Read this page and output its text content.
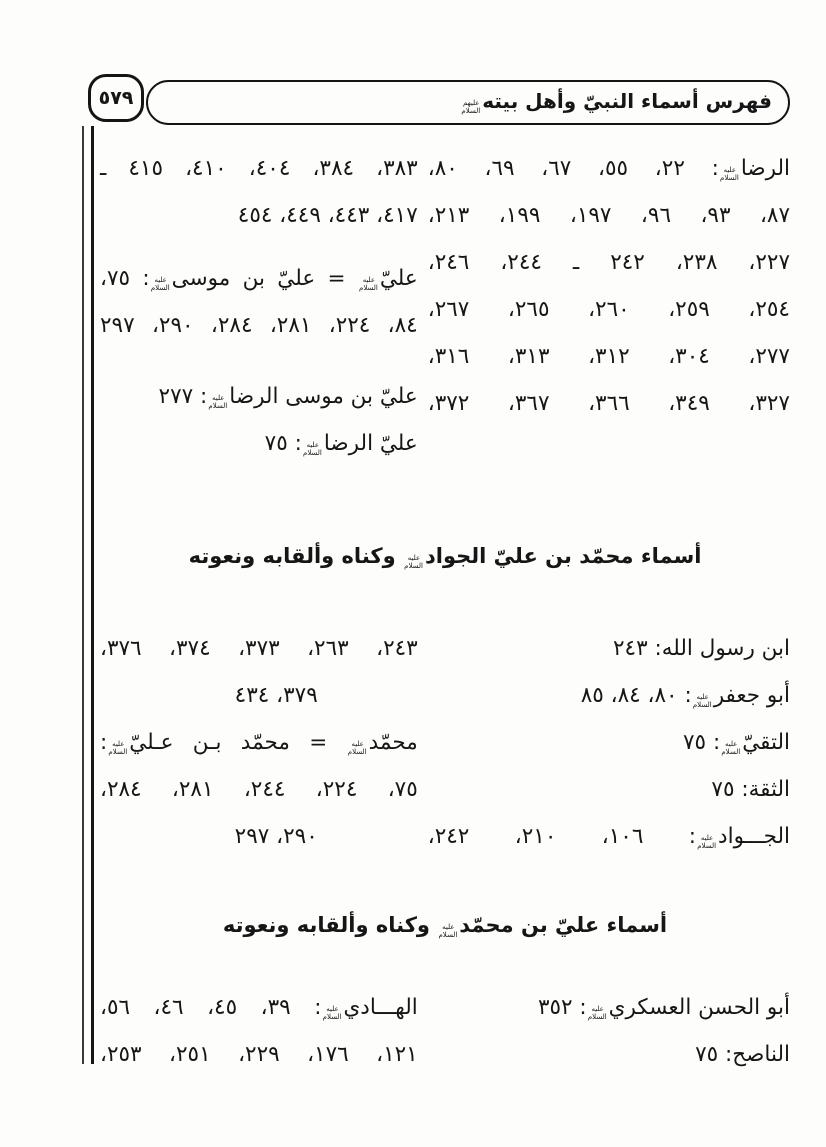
٥٧٩	فهرس أسماء النبيّ وأهل بيتهعليهم السلام
الرضاعليه السلام: ٢٢، ٥٥، ٦٧، ٦٩، ٨٠،
٨٧، ٩٣، ٩٦، ١٩٧، ١٩٩، ٢١٣،
٢٢٧، ٢٣٨، ٢٤٢ ـ ٢٤٤، ٢٤٦،
٢٥٤، ٢٥٩، ٢٦٠، ٢٦٥، ٢٦٧،
٢٧٧، ٣٠٤، ٣١٢، ٣١٣، ٣١٦،
٣٢٧، ٣٤٩، ٣٦٦، ٣٦٧، ٣٧٢،
٣٨٣، ٣٨٤، ٤٠٤، ٤١٠، ٤١٥ ـ
٤١٧، ٤٤٣، ٤٤٩، ٤٥٤
عليّعليه السلام = عليّ بن موسىعليه السلام: ٧٥،
٨٤، ٢٢٤، ٢٨١، ٢٨٤، ٢٩٠، ٢٩٧
عليّ بن موسى الرضاعليه السلام: ٢٧٧
عليّ الرضاعليه السلام: ٧٥
أسماء محمّد بن عليّ الجوادعليه السلام وكناه وألقابه ونعوته
ابن رسول الله: ٢٤٣
أبو جعفرعليه السلام: ٨٠، ٨٤، ٨٥
التقيّعليه السلام: ٧٥
الثقة: ٧٥
الجـــوادعليه السلام: ١٠٦، ٢١٠، ٢٤٢،
٢٤٣، ٢٦٣، ٣٧٣، ٣٧٤، ٣٧٦،
٣٧٩، ٤٣٤
محمّدعليه السلام = محمّد بـن عـليّعليه السلام:
٧٥، ٢٢٤، ٢٤٤، ٢٨١، ٢٨٤،
٢٩٠، ٢٩٧
أسماء عليّ بن محمّدعليه السلام وكناه وألقابه ونعوته
أبو الحسن العسكريعليه السلام: ٣٥٢
الناصح: ٧٥
الهـــاديعليه السلام: ٣٩، ٤٥، ٤٦، ٥٦،
١٢١، ١٧٦، ٢٢٩، ٢٥١، ٢٥٣،
